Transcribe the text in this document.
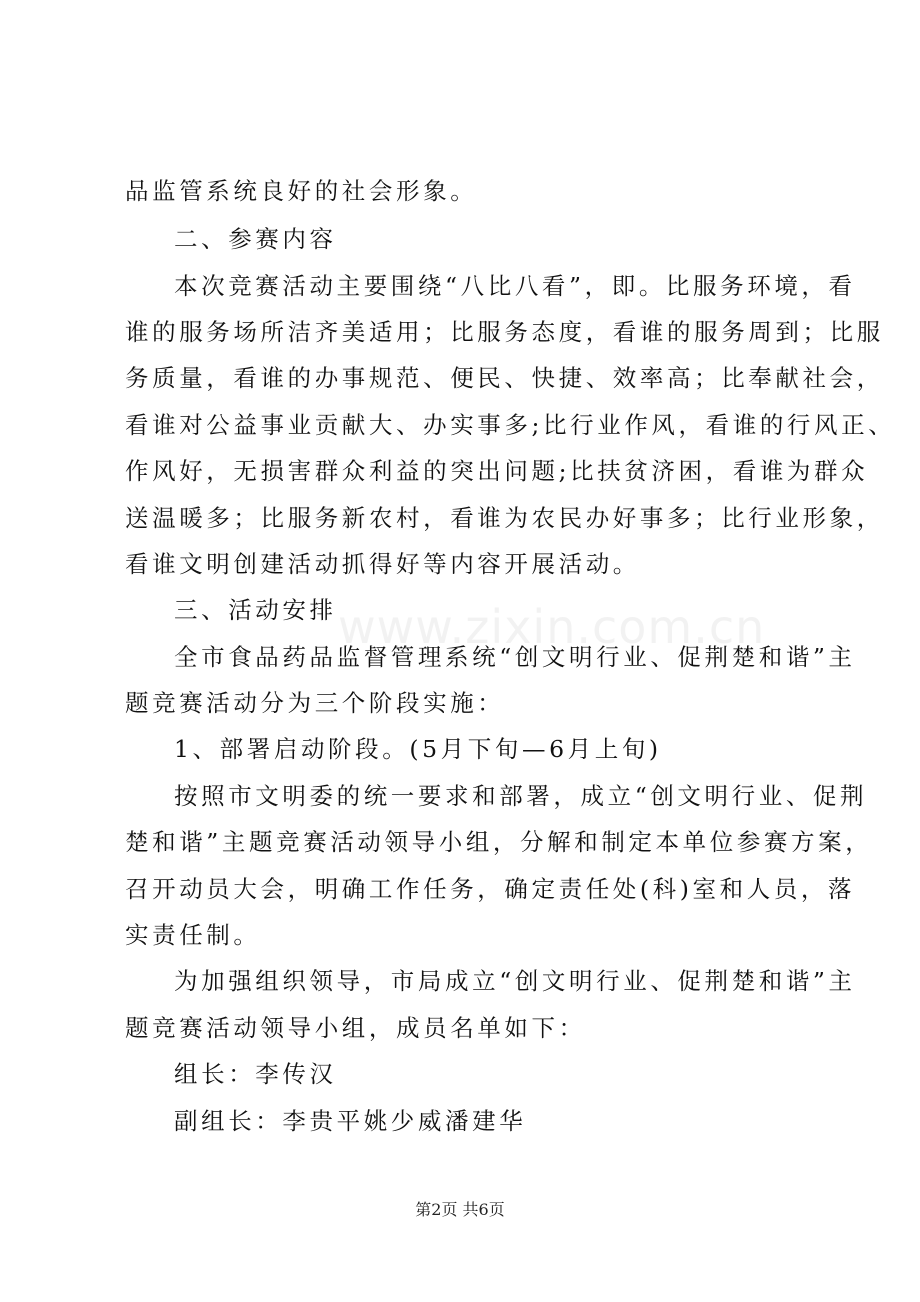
www.zixin.com.cn
品监管系统良好的社会形象。
二、参赛内容
本次竞赛活动主要围绕“八比八看”，即。比服务环境，看
谁的服务场所洁齐美适用；比服务态度，看谁的服务周到；比服
务质量，看谁的办事规范、便民、快捷、效率高；比奉献社会，
看谁对公益事业贡献大、办实事多;比行业作风，看谁的行风正、
作风好，无损害群众利益的突出问题;比扶贫济困，看谁为群众
送温暖多；比服务新农村，看谁为农民办好事多；比行业形象，
看谁文明创建活动抓得好等内容开展活动。
三、活动安排
全市食品药品监督管理系统“创文明行业、促荆楚和谐”主
题竞赛活动分为三个阶段实施：
1、部署启动阶段。(5月下旬—6月上旬)
按照市文明委的统一要求和部署，成立“创文明行业、促荆
楚和谐”主题竞赛活动领导小组，分解和制定本单位参赛方案，
召开动员大会，明确工作任务，确定责任处(科)室和人员，落
实责任制。
为加强组织领导，市局成立“创文明行业、促荆楚和谐”主
题竞赛活动领导小组，成员名单如下：
组长：李传汉
副组长：李贵平姚少威潘建华
第2页 共6页
